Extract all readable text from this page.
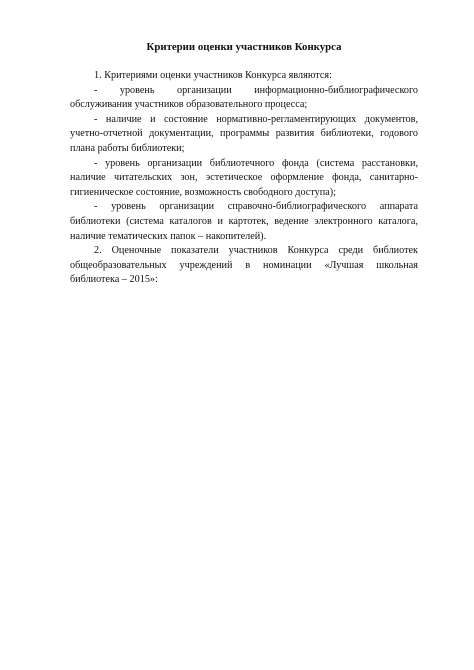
Критерии оценки участников Конкурса

1. Критериями оценки участников Конкурса являются:

- уровень организации информационно-библиографического обслуживания участников образовательного процесса;

- наличие и состояние нормативно-регламентирующих документов, учетно-отчетной документации, программы развития библиотеки, годового плана работы библиотеки;

- уровень организации библиотечного фонда (система расстановки, наличие читательских зон, эстетическое оформление фонда, санитарно-гигиеническое состояние, возможность свободного доступа);

- уровень организации справочно-библиографического аппарата библиотеки (система каталогов и картотек, ведение электронного каталога, наличие тематических папок – накопителей).

2. Оценочные показатели участников Конкурса среди библиотек общеобразовательных учреждений в номинации «Лучшая школьная библиотека – 2015»:
